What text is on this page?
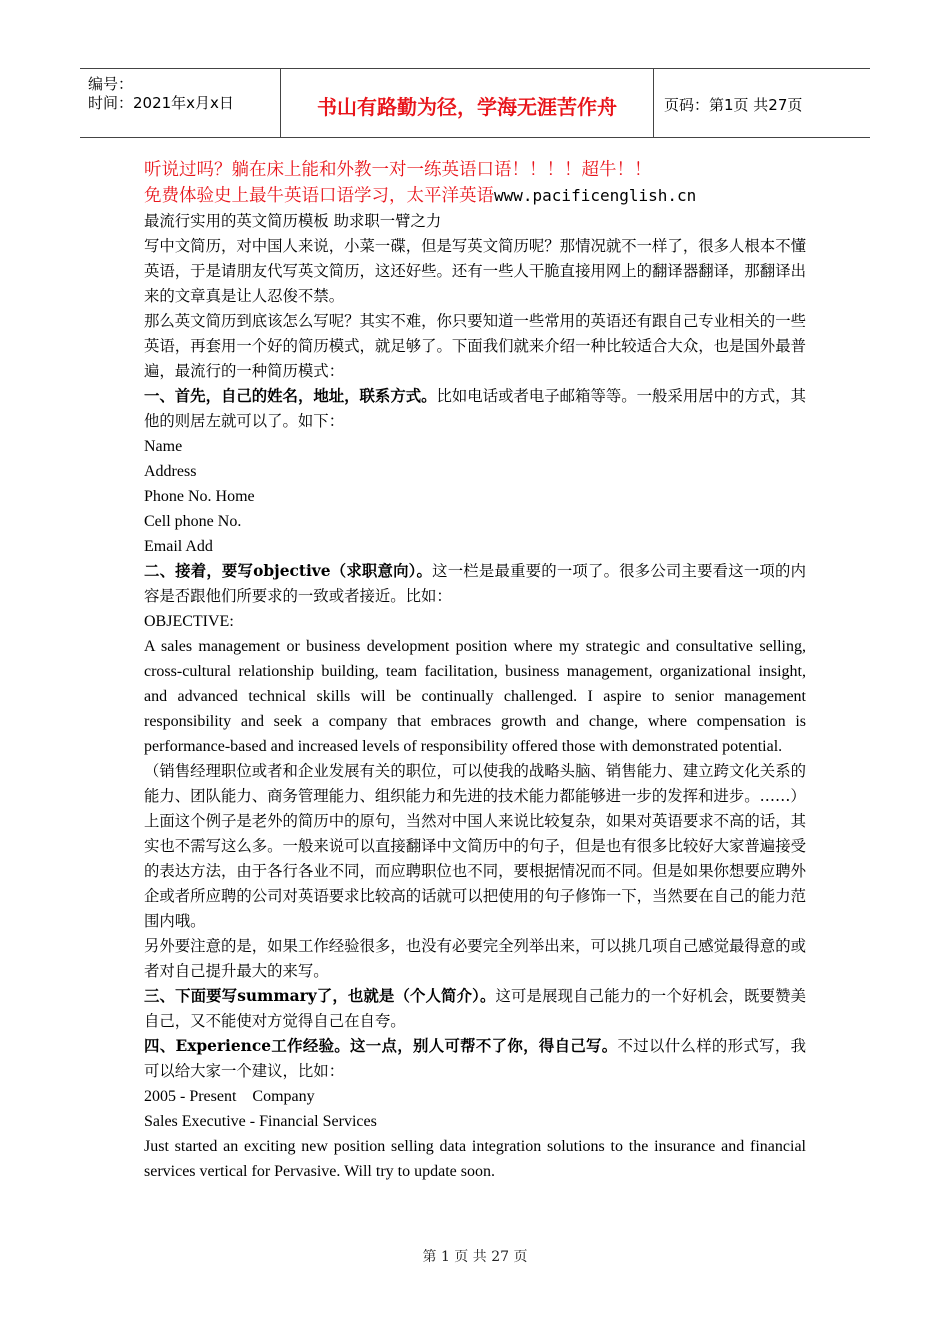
编号：
时间：2021年x月x日	书山有路勤为径，学海无涯苦作舟	页码：第1页 共27页
听说过吗？躺在床上能和外教一对一练英语口语！！！！超牛！！
免费体验史上最牛英语口语学习，太平洋英语www.pacificenglish.cn

最流行实用的英文简历模板 助求职一臂之力

写中文简历，对中国人来说，小菜一碟，但是写英文简历呢？那情况就不一样了，很多人根本不懂英语，于是请朋友代写英文简历，这还好些。还有一些人干脆直接用网上的翻译器翻译，那翻译出来的文章真是让人忍俊不禁。

那么英文简历到底该怎么写呢？其实不难，你只要知道一些常用的英语还有跟自己专业相关的一些英语，再套用一个好的简历模式，就足够了。下面我们就来介绍一种比较适合大众，也是国外最普遍，最流行的一种简历模式：

一、首先，自己的姓名，地址，联系方式。比如电话或者电子邮箱等等。一般采用居中的方式，其他的则居左就可以了。如下：

Name

Address

Phone No. Home

Cell phone No.

Email Add

二、接着，要写objective（求职意向）。这一栏是最重要的一项了。很多公司主要看这一项的内容是否跟他们所要求的一致或者接近。比如：

OBJECTIVE:

A sales management or business development position where my strategic and consultative selling, cross-cultural relationship building, team facilitation, business management, organizational insight, and advanced technical skills will be continually challenged. I aspire to senior management responsibility and seek a company that embraces growth and change, where compensation is performance-based and increased levels of responsibility offered those with demonstrated potential.

（销售经理职位或者和企业发展有关的职位，可以使我的战略头脑、销售能力、建立跨文化关系的能力、团队能力、商务管理能力、组织能力和先进的技术能力都能够进一步的发挥和进步。……）

上面这个例子是老外的简历中的原句，当然对中国人来说比较复杂，如果对英语要求不高的话，其实也不需写这么多。一般来说可以直接翻译中文简历中的句子，但是也有很多比较好大家普遍接受的表达方法，由于各行各业不同，而应聘职位也不同，要根据情况而不同。但是如果你想要应聘外企或者所应聘的公司对英语要求比较高的话就可以把使用的句子修饰一下，当然要在自己的能力范围内哦。

另外要注意的是，如果工作经验很多，也没有必要完全列举出来，可以挑几项自己感觉最得意的或者对自己提升最大的来写。

三、下面要写summary了，也就是（个人简介）。这可是展现自己能力的一个好机会，既要赞美自己，又不能使对方觉得自己在自夸。

四、Experience工作经验。这一点，别人可帮不了你，得自己写。不过以什么样的形式写，我可以给大家一个建议，比如：

2005 - Present    Company

Sales Executive - Financial Services

Just started an exciting new position selling data integration solutions to the insurance and financial services vertical for Pervasive. Will try to update soon.

第 1 页 共 27 页
